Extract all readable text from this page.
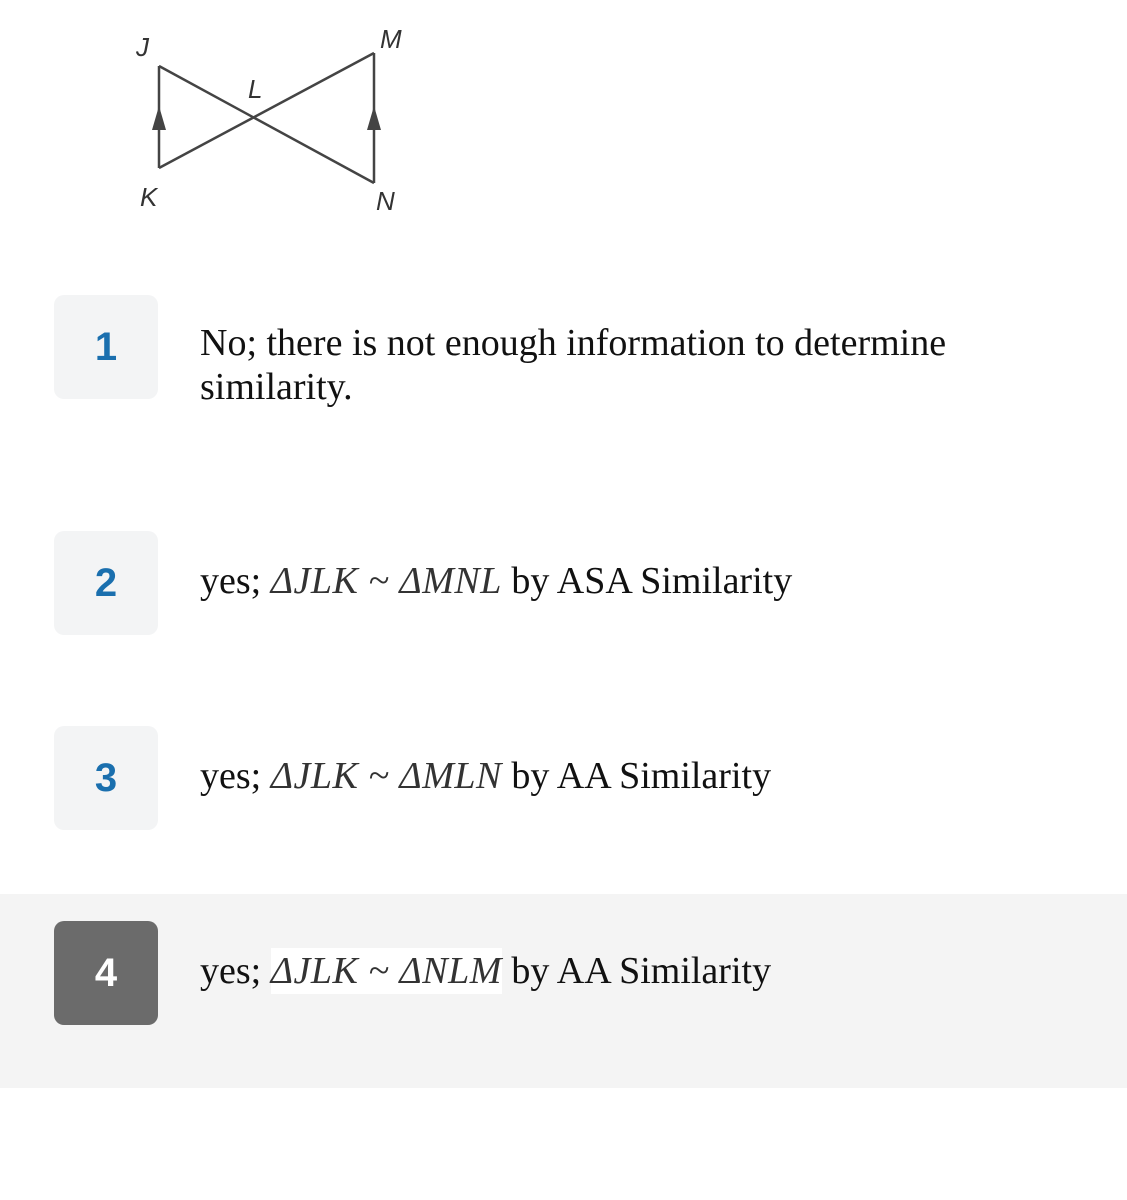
J	M
L
K	N
1	No; there is not enough information to determine similarity.
2	yes; ΔJLK ~ ΔMNL by ASA Similarity
3	yes; ΔJLK ~ ΔMLN by AA Similarity
4	yes; ΔJLK ~ ΔNLM by AA Similarity
